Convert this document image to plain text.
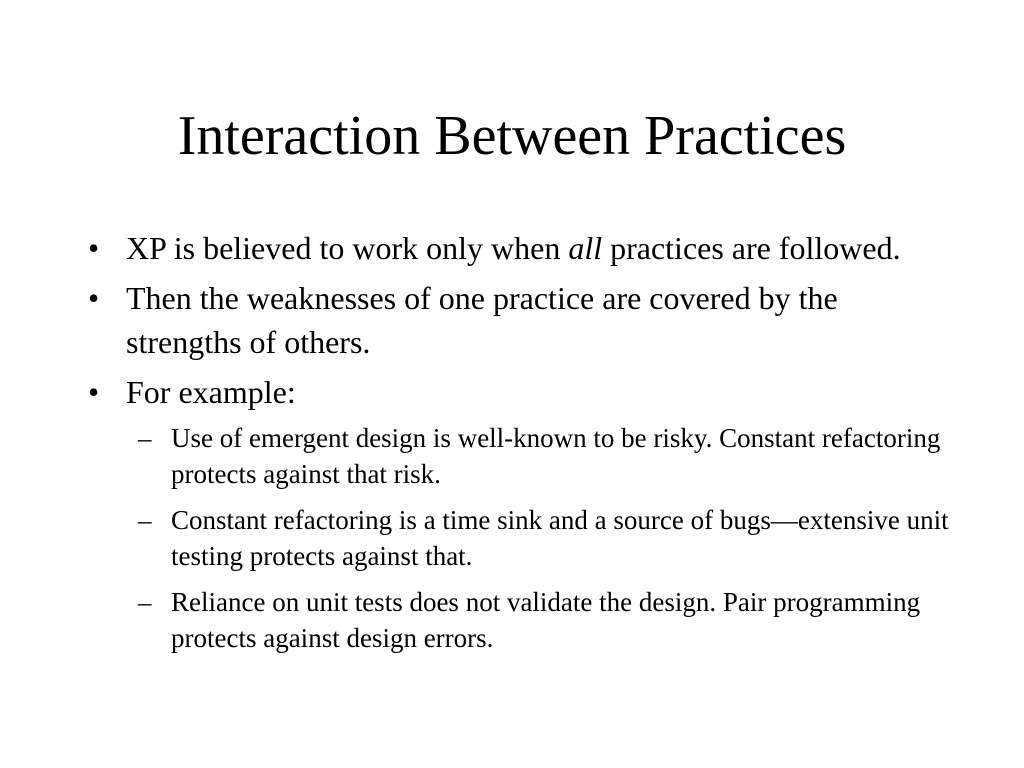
Interaction Between Practices
• XP is believed to work only when all practices are followed.
• Then the weaknesses of one practice are covered by the strengths of others.
• For example:
– Use of emergent design is well-known to be risky. Constant refactoring protects against that risk.
– Constant refactoring is a time sink and a source of bugs—extensive unit testing protects against that.
– Reliance on unit tests does not validate the design. Pair programming protects against design errors.
